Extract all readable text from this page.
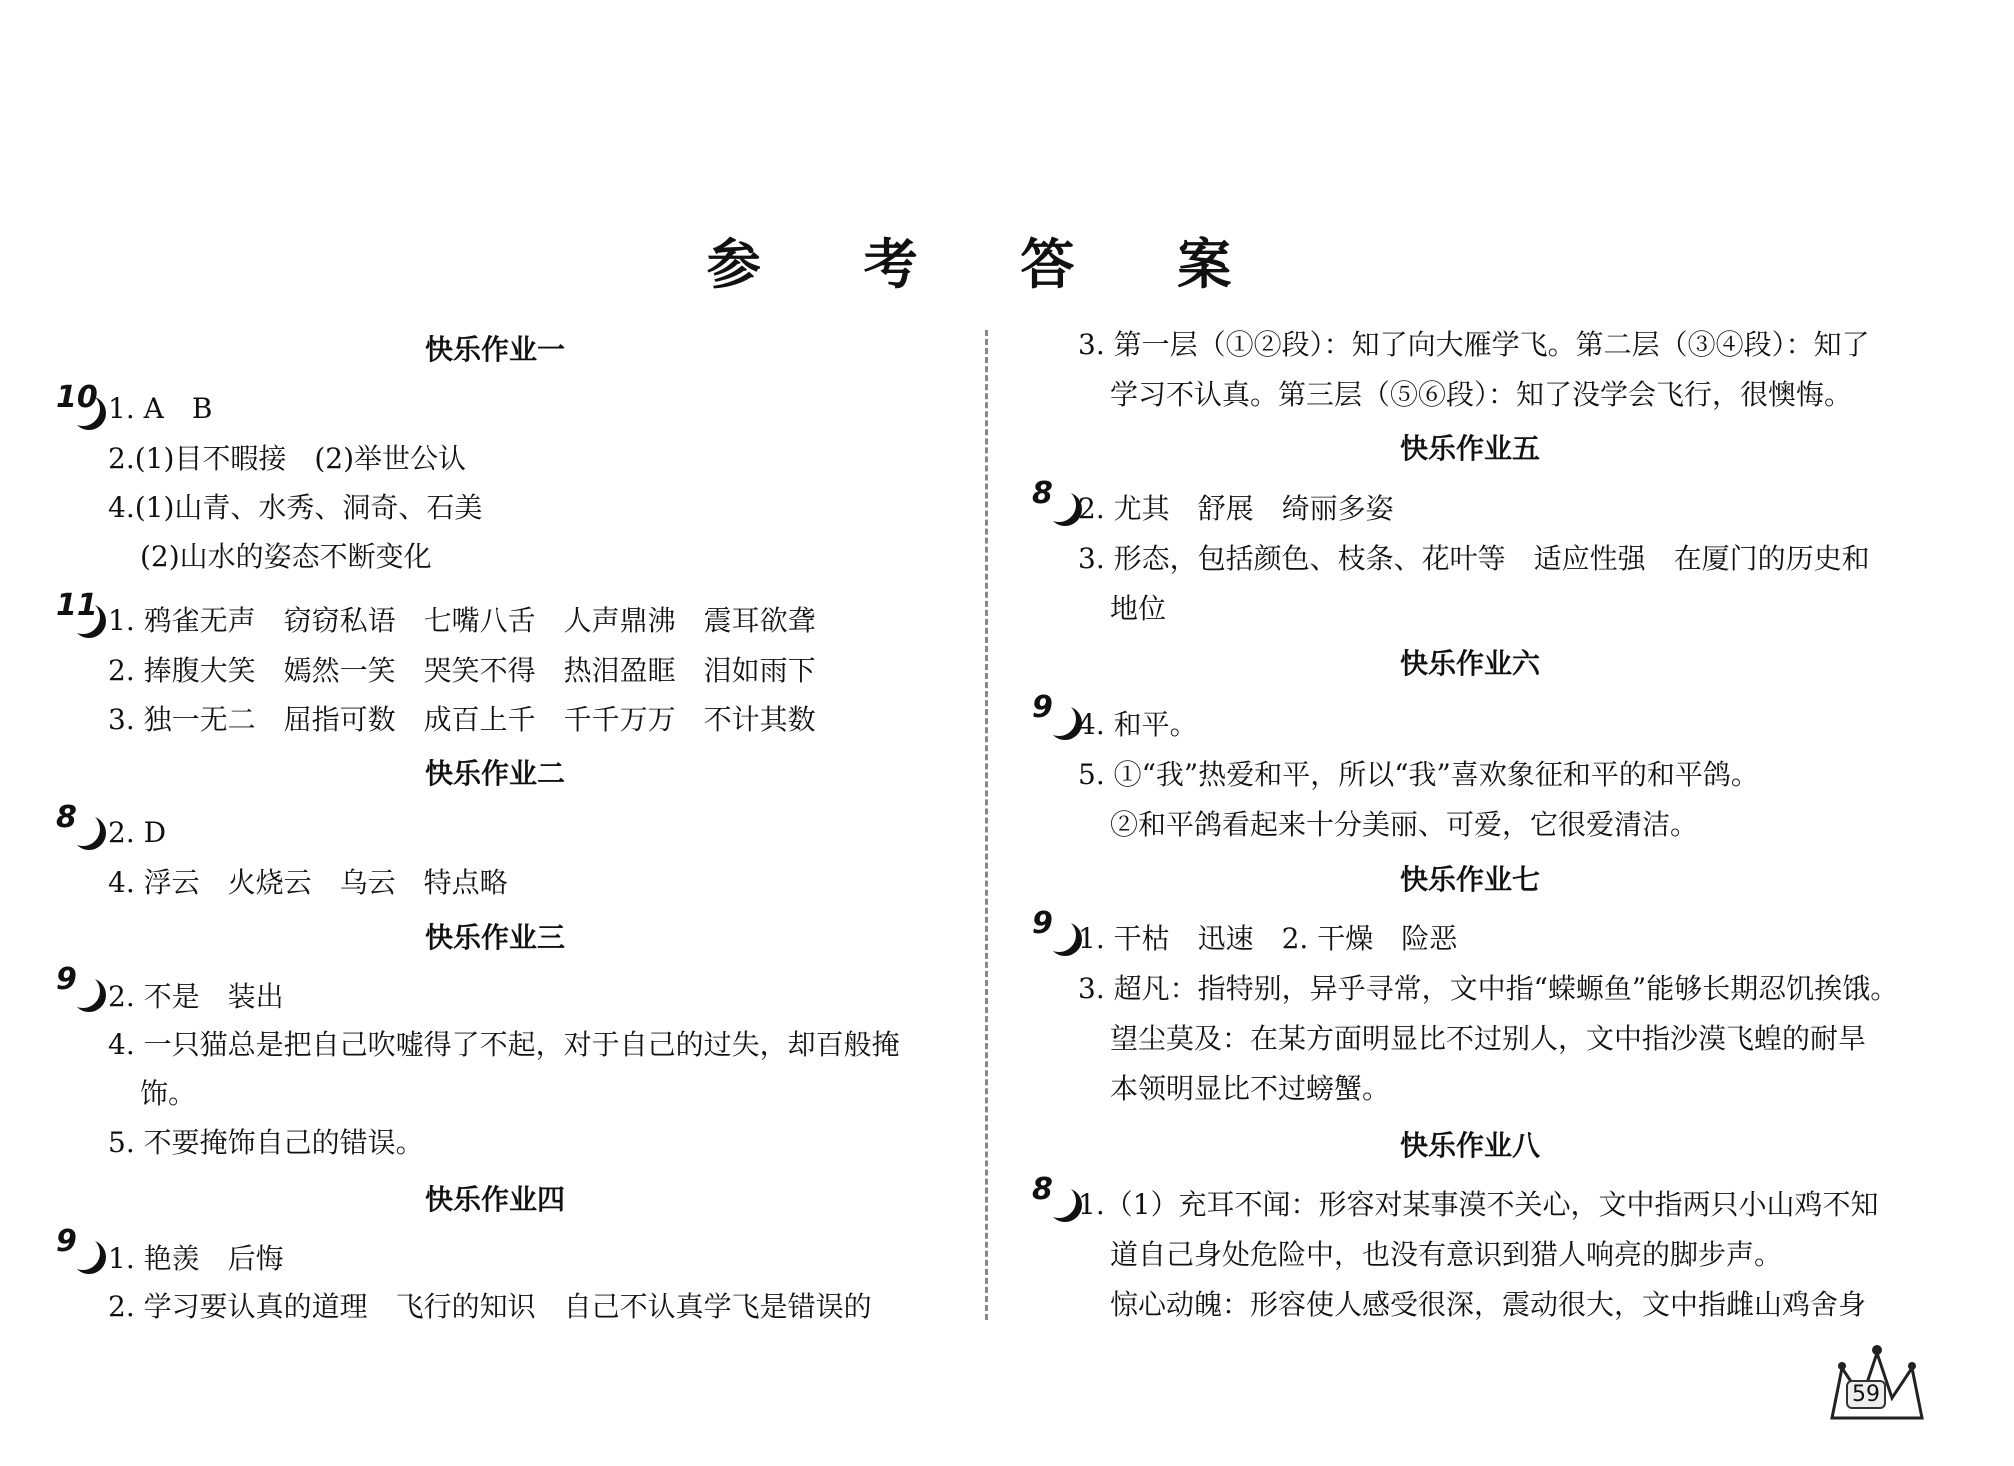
参 考 答 案
快乐作业一
10 1. A　B
2.(1)目不暇接　(2)举世公认
4.(1)山青、水秀、洞奇、石美
(2)山水的姿态不断变化
11 1. 鸦雀无声　窃窃私语　七嘴八舌　人声鼎沸　震耳欲聋
2. 捧腹大笑　嫣然一笑　哭笑不得　热泪盈眶　泪如雨下
3. 独一无二　屈指可数　成百上千　千千万万　不计其数
快乐作业二
8 2. D
4. 浮云　火烧云　乌云　特点略
快乐作业三
9 2. 不是　装出
4. 一只猫总是把自己吹嘘得了不起，对于自己的过失，却百般掩
饰。
5. 不要掩饰自己的错误。
快乐作业四
9 1. 艳羡　后悔
2. 学习要认真的道理　飞行的知识　自己不认真学飞是错误的
3. 第一层（①②段）：知了向大雁学飞。第二层（③④段）：知了
学习不认真。第三层（⑤⑥段）：知了没学会飞行，很懊悔。
快乐作业五
8 2. 尤其　舒展　绮丽多姿
3. 形态，包括颜色、枝条、花叶等　适应性强　在厦门的历史和
地位
快乐作业六
9 4. 和平。
5. ①“我”热爱和平，所以“我”喜欢象征和平的和平鸽。
②和平鸽看起来十分美丽、可爱，它很爱清洁。
快乐作业七
9 1. 干枯　迅速　2. 干燥　险恶
3. 超凡：指特别，异乎寻常，文中指“蝾螈鱼”能够长期忍饥挨饿。
望尘莫及：在某方面明显比不过别人，文中指沙漠飞蝗的耐旱
本领明显比不过螃蟹。
快乐作业八
8 1.（1）充耳不闻：形容对某事漠不关心，文中指两只小山鸡不知
道自己身处危险中，也没有意识到猎人响亮的脚步声。
惊心动魄：形容使人感受很深，震动很大，文中指雌山鸡舍身
59
